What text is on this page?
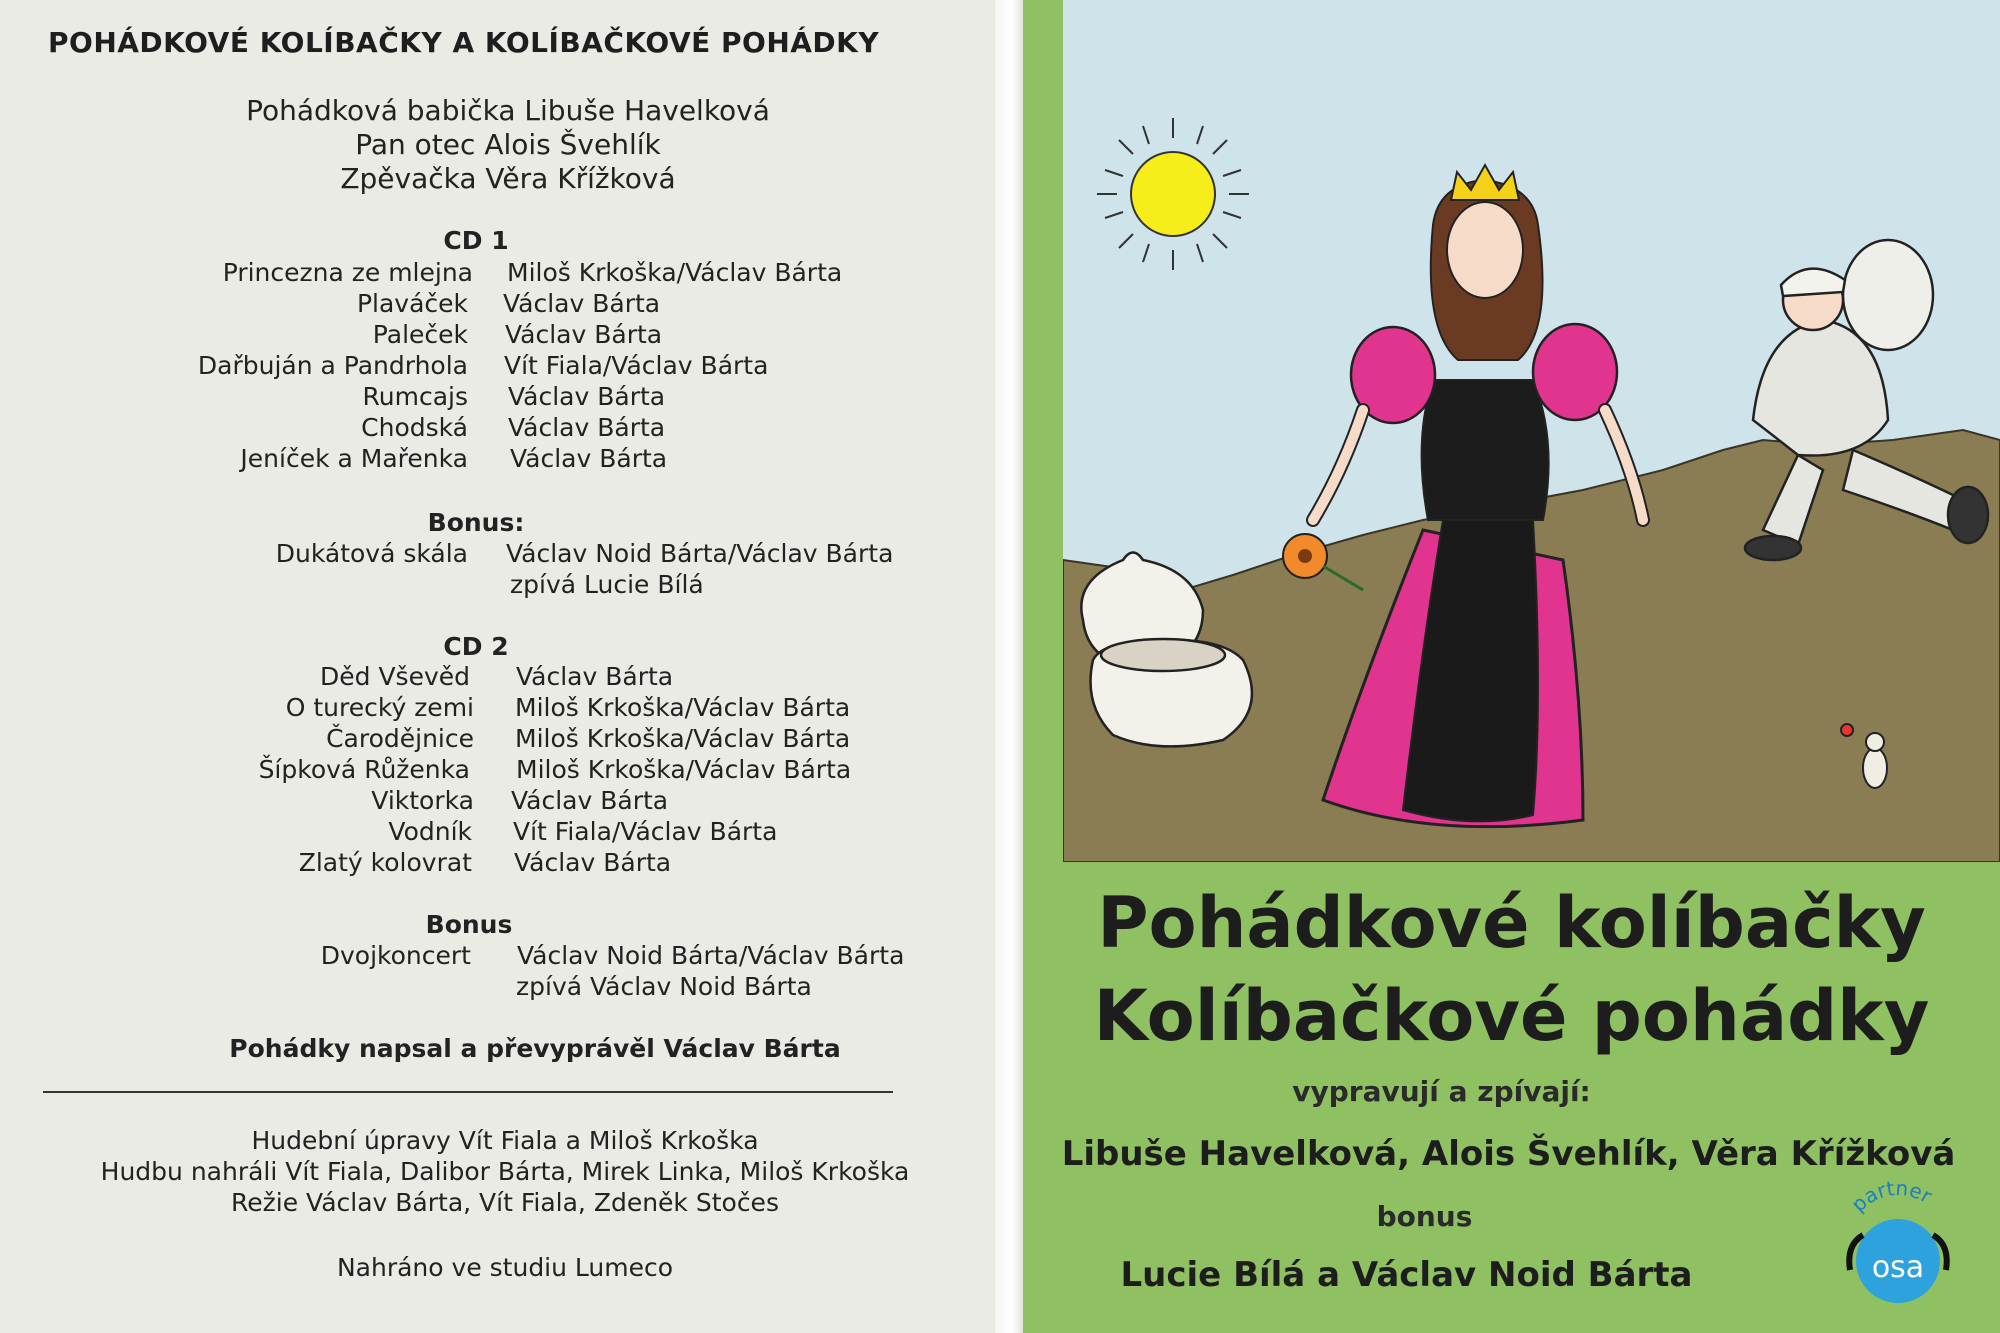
POHÁDKOVÉ KOLÍBAČKY A KOLÍBAČKOVÉ POHÁDKY
Pohádková babička Libuše Havelková
Pan otec Alois Švehlík
Zpěvačka Věra Křížková
CD 1
Princezna ze mlejna Miloš Krkoška/Václav Bárta
Plaváček Václav Bárta
Paleček Václav Bárta
Dařbuján a Pandrhola Vít Fiala/Václav Bárta
Rumcajs Václav Bárta
Chodská Václav Bárta
Jeníček a Mařenka Václav Bárta
Bonus:
Dukátová skála Václav Noid Bárta/Václav Bárta
zpívá Lucie Bílá
CD 2
Děd Vševěd Václav Bárta
O turecký zemi Miloš Krkoška/Václav Bárta
Čarodějnice Miloš Krkoška/Václav Bárta
Šípková Růženka Miloš Krkoška/Václav Bárta
Viktorka Václav Bárta
Vodník Vít Fiala/Václav Bárta
Zlatý kolovrat Václav Bárta
Bonus
Dvojkoncert Václav Noid Bárta/Václav Bárta
zpívá Václav Noid Bárta
Pohádky napsal a převyprávěl Václav Bárta
Hudební úpravy Vít Fiala a Miloš Krkoška
Hudbu nahráli Vít Fiala, Dalibor Bárta, Mirek Linka, Miloš Krkoška
Režie Václav Bárta, Vít Fiala, Zdeněk Stočes
Nahráno ve studiu Lumeco
Pohádkové kolíbačky
Kolíbačkové pohádky
vypravují a zpívají:
Libuše Havelková, Alois Švehlík, Věra Křížková
bonus
Lucie Bílá a Václav Noid Bárta
partner
osa
